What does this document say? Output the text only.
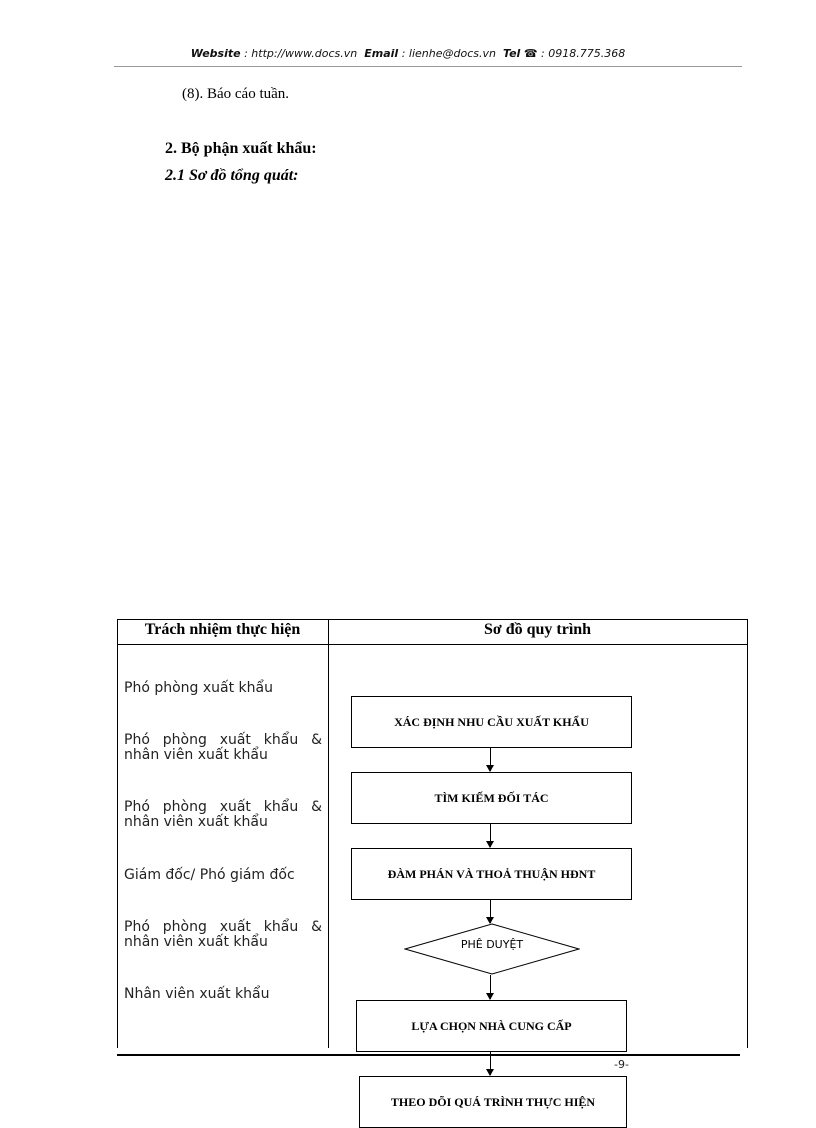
Website : http://www.docs.vn Email : lienhe@docs.vn Tel ☎ : 0918.775.368
(8). Báo cáo tuần.
2. Bộ phận xuất khẩu:
2.1 Sơ đồ tổng quát:
Trách nhiệm thực hiện	Sơ đồ quy trình
Phó phòng xuất khẩu
Phó phòng xuất khẩu & nhân viên xuất khẩu
Phó phòng xuất khẩu & nhân viên xuất khẩu
Giám đốc/ Phó giám đốc
Phó phòng xuất khẩu & nhân viên xuất khẩu
Nhân viên xuất khẩu
XÁC ĐỊNH NHU CẦU XUẤT KHẨU
TÌM KIẾM ĐỐI TÁC
ĐÀM PHÁN VÀ THOẢ THUẬN HĐNT
PHÊ DUYỆT
LỰA CHỌN NHÀ CUNG CẤP
THEO DÕI QUÁ TRÌNH THỰC HIỆN
-9-
